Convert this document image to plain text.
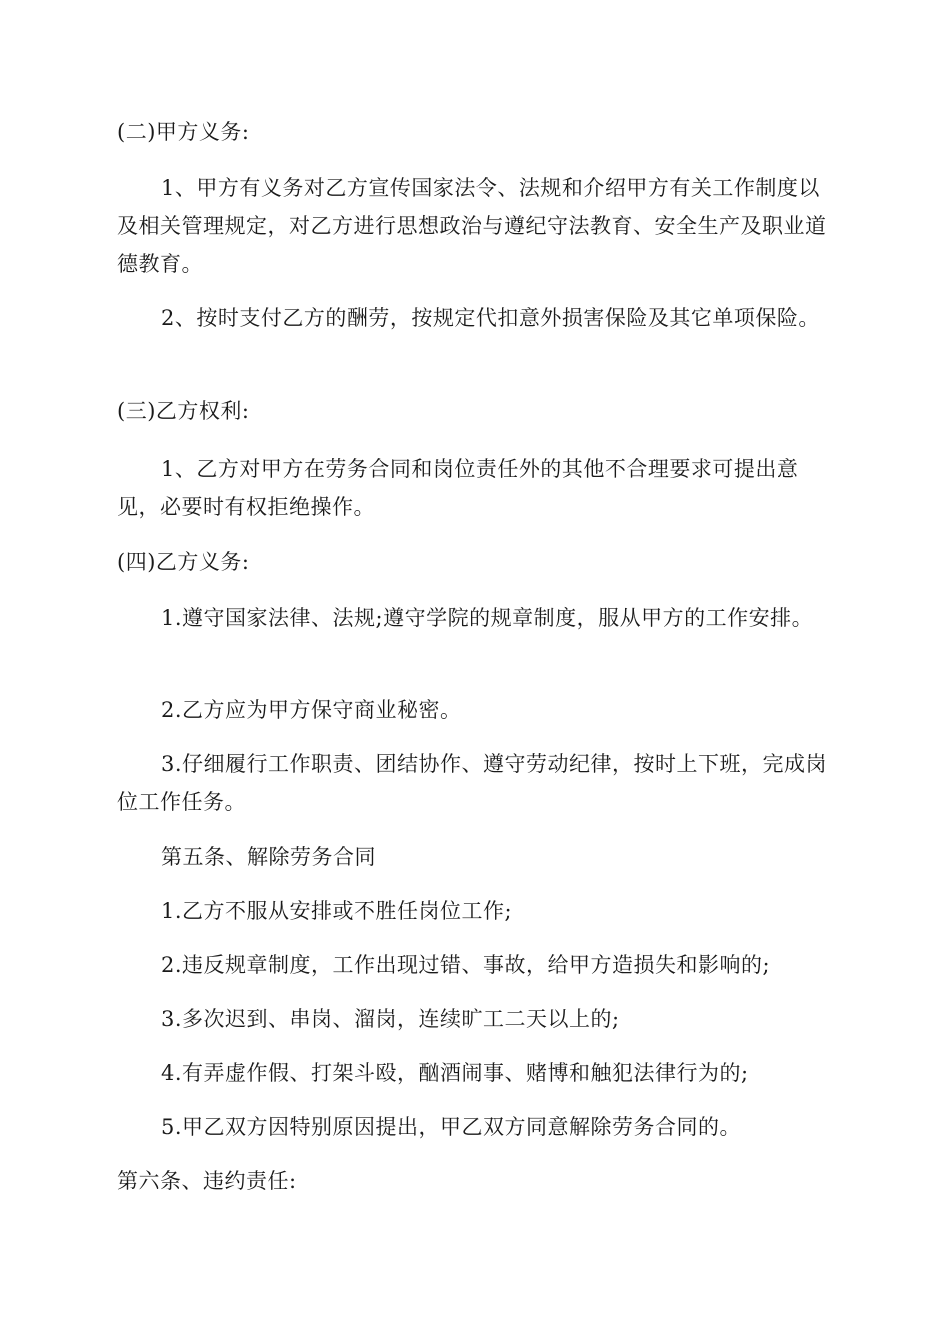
(二)甲方义务:

1、甲方有义务对乙方宣传国家法令、法规和介绍甲方有关工作制度以及相关管理规定，对乙方进行思想政治与遵纪守法教育、安全生产及职业道德教育。

2、按时支付乙方的酬劳，按规定代扣意外损害保险及其它单项保险。

(三)乙方权利:

1、乙方对甲方在劳务合同和岗位责任外的其他不合理要求可提出意见，必要时有权拒绝操作。

(四)乙方义务:

1.遵守国家法律、法规;遵守学院的规章制度，服从甲方的工作安排。

2.乙方应为甲方保守商业秘密。

3.仔细履行工作职责、团结协作、遵守劳动纪律，按时上下班，完成岗位工作任务。

第五条、解除劳务合同

1.乙方不服从安排或不胜任岗位工作;

2.违反规章制度，工作出现过错、事故，给甲方造损失和影响的;

3.多次迟到、串岗、溜岗，连续旷工二天以上的;

4.有弄虚作假、打架斗殴，酗酒闹事、赌博和触犯法律行为的;

5.甲乙双方因特别原因提出，甲乙双方同意解除劳务合同的。

第六条、违约责任:
